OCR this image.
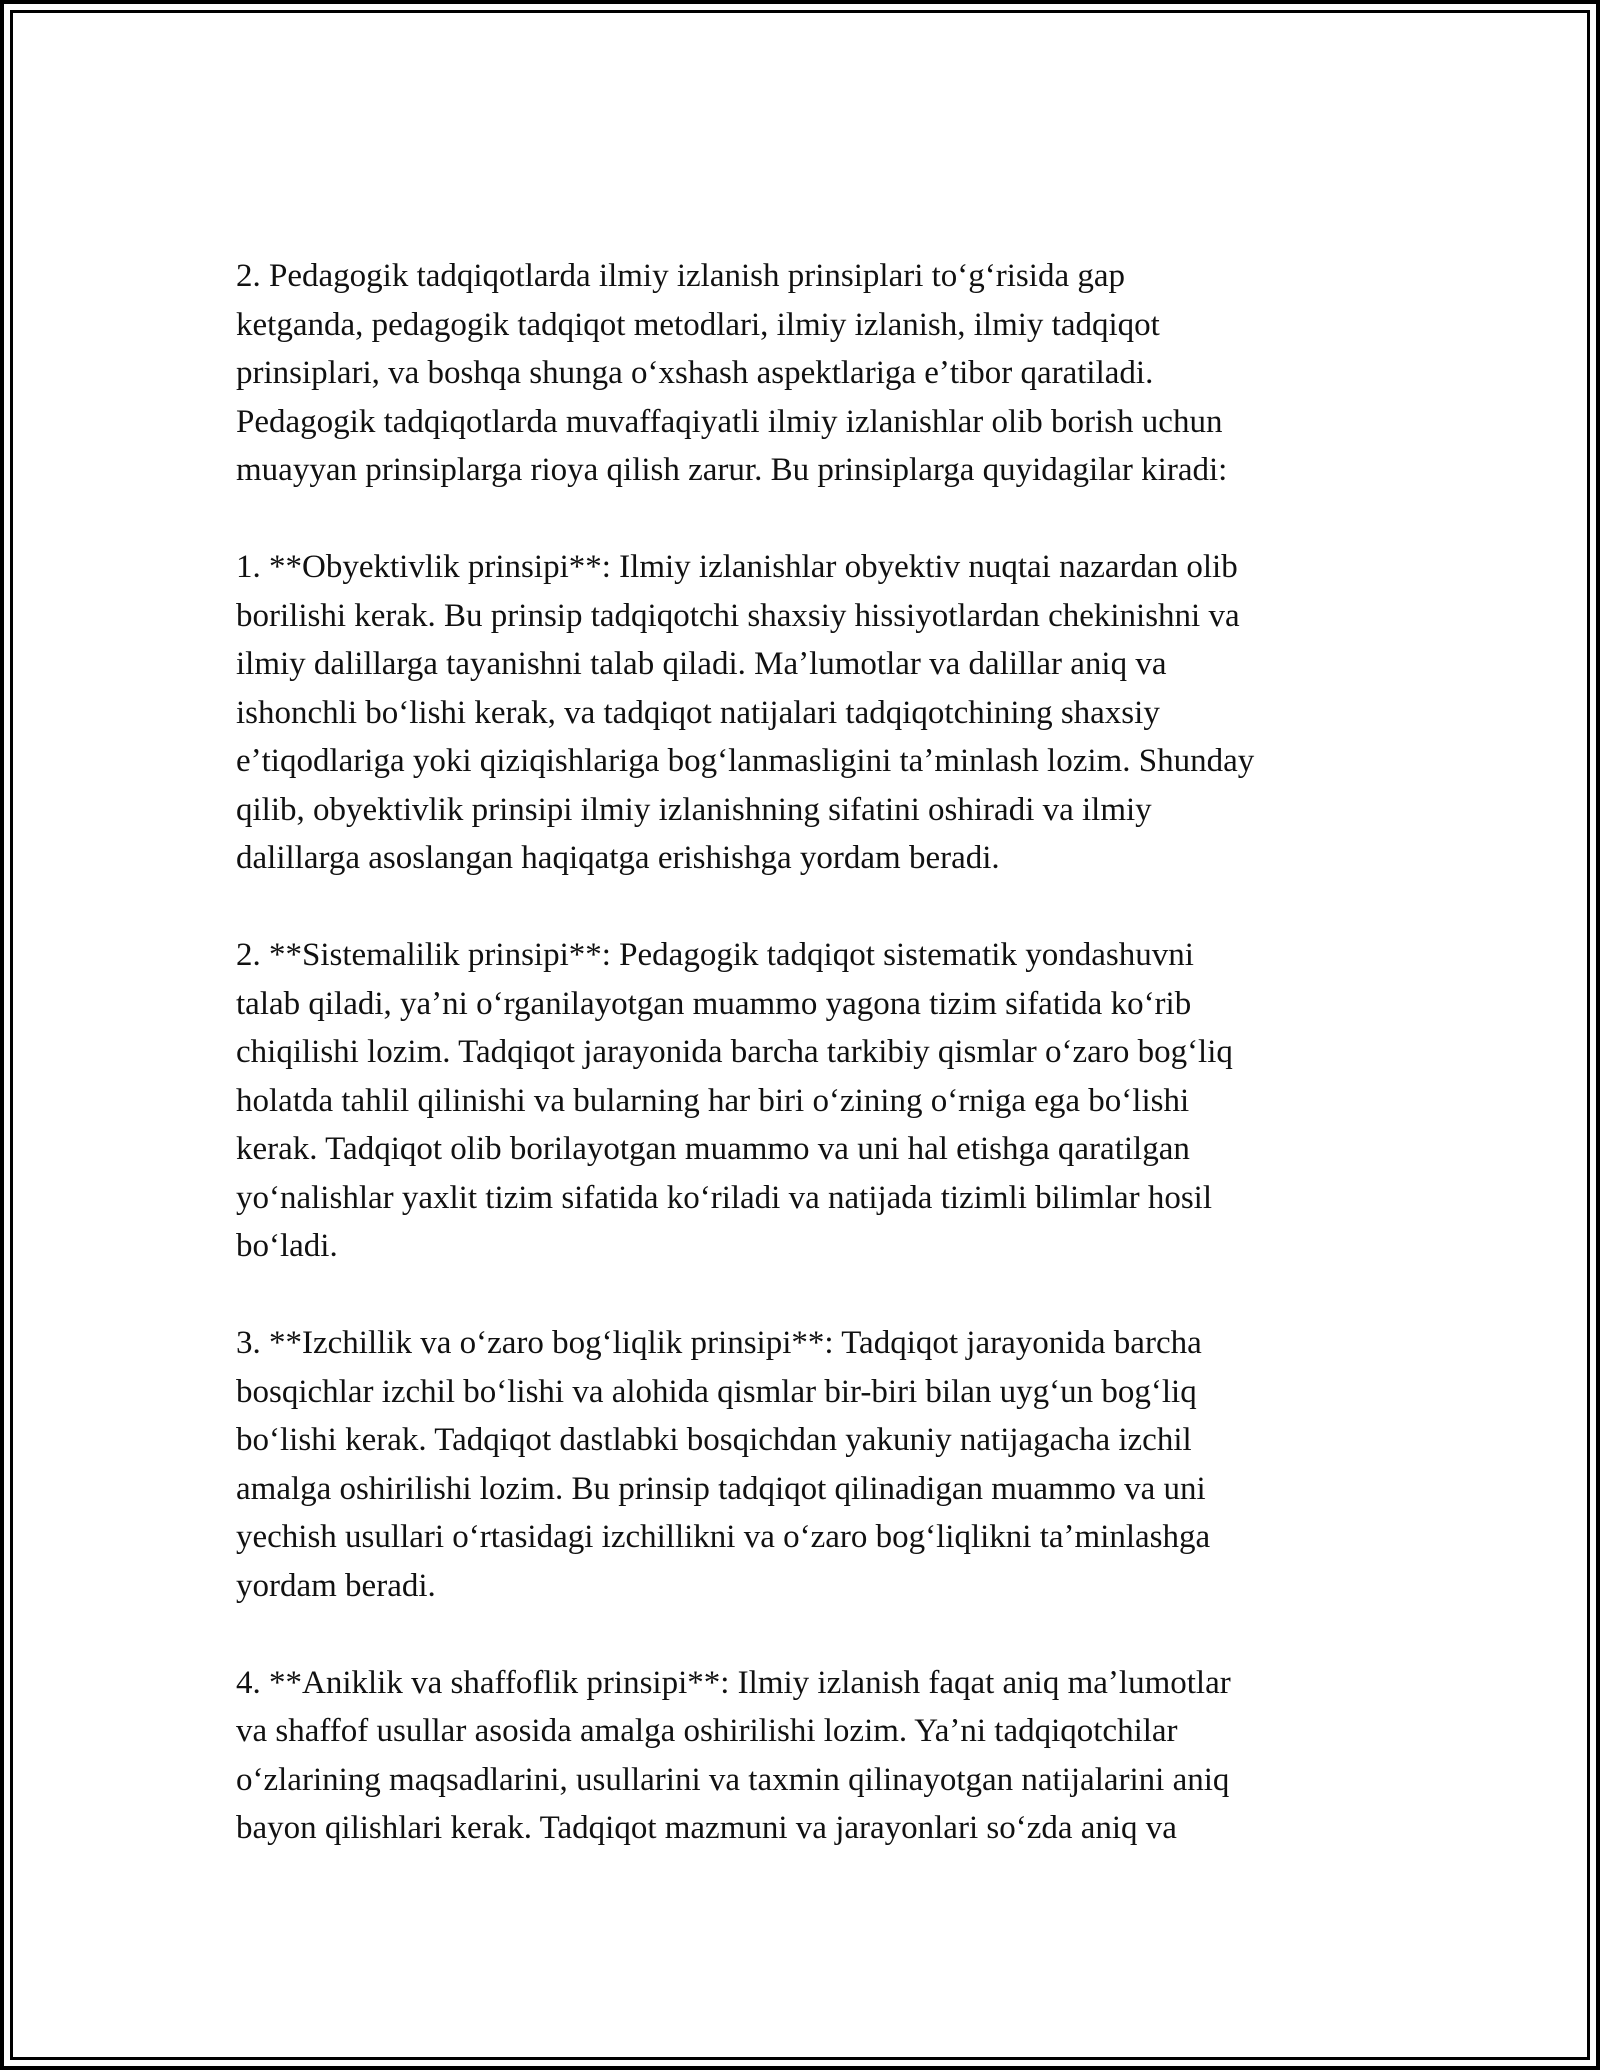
2. Pedagogik tadqiqotlarda ilmiy izlanish prinsiplari toʻgʻrisida gap
ketganda, pedagogik tadqiqot metodlari, ilmiy izlanish, ilmiy tadqiqot
prinsiplari, va boshqa shunga oʻxshash aspektlariga eʼtibor qaratiladi.
Pedagogik tadqiqotlarda muvaffaqiyatli ilmiy izlanishlar olib borish uchun
muayyan prinsiplarga rioya qilish zarur. Bu prinsiplarga quyidagilar kiradi:
1. **Obyektivlik prinsipi**: Ilmiy izlanishlar obyektiv nuqtai nazardan olib
borilishi kerak. Bu prinsip tadqiqotchi shaxsiy hissiyotlardan chekinishni va
ilmiy dalillarga tayanishni talab qiladi. Maʼlumotlar va dalillar aniq va
ishonchli boʻlishi kerak, va tadqiqot natijalari tadqiqotchining shaxsiy
eʼtiqodlariga yoki qiziqishlariga bogʻlanmasligini taʼminlash lozim. Shunday
qilib, obyektivlik prinsipi ilmiy izlanishning sifatini oshiradi va ilmiy
dalillarga asoslangan haqiqatga erishishga yordam beradi.
2. **Sistemalilik prinsipi**: Pedagogik tadqiqot sistematik yondashuvni
talab qiladi, yaʼni oʻrganilayotgan muammo yagona tizim sifatida koʻrib
chiqilishi lozim. Tadqiqot jarayonida barcha tarkibiy qismlar oʻzaro bogʻliq
holatda tahlil qilinishi va bularning har biri oʻzining oʻrniga ega boʻlishi
kerak. Tadqiqot olib borilayotgan muammo va uni hal etishga qaratilgan
yoʻnalishlar yaxlit tizim sifatida koʻriladi va natijada tizimli bilimlar hosil
boʻladi.
3. **Izchillik va oʻzaro bogʻliqlik prinsipi**: Tadqiqot jarayonida barcha
bosqichlar izchil boʻlishi va alohida qismlar bir-biri bilan uygʻun bogʻliq
boʻlishi kerak. Tadqiqot dastlabki bosqichdan yakuniy natijagacha izchil
amalga oshirilishi lozim. Bu prinsip tadqiqot qilinadigan muammo va uni
yechish usullari oʻrtasidagi izchillikni va oʻzaro bogʻliqlikni taʼminlashga
yordam beradi.
4. **Aniklik va shaffoflik prinsipi**: Ilmiy izlanish faqat aniq maʼlumotlar
va shaffof usullar asosida amalga oshirilishi lozim. Yaʼni tadqiqotchilar
oʻzlarining maqsadlarini, usullarini va taxmin qilinayotgan natijalarini aniq
bayon qilishlari kerak. Tadqiqot mazmuni va jarayonlari soʻzda aniq va
